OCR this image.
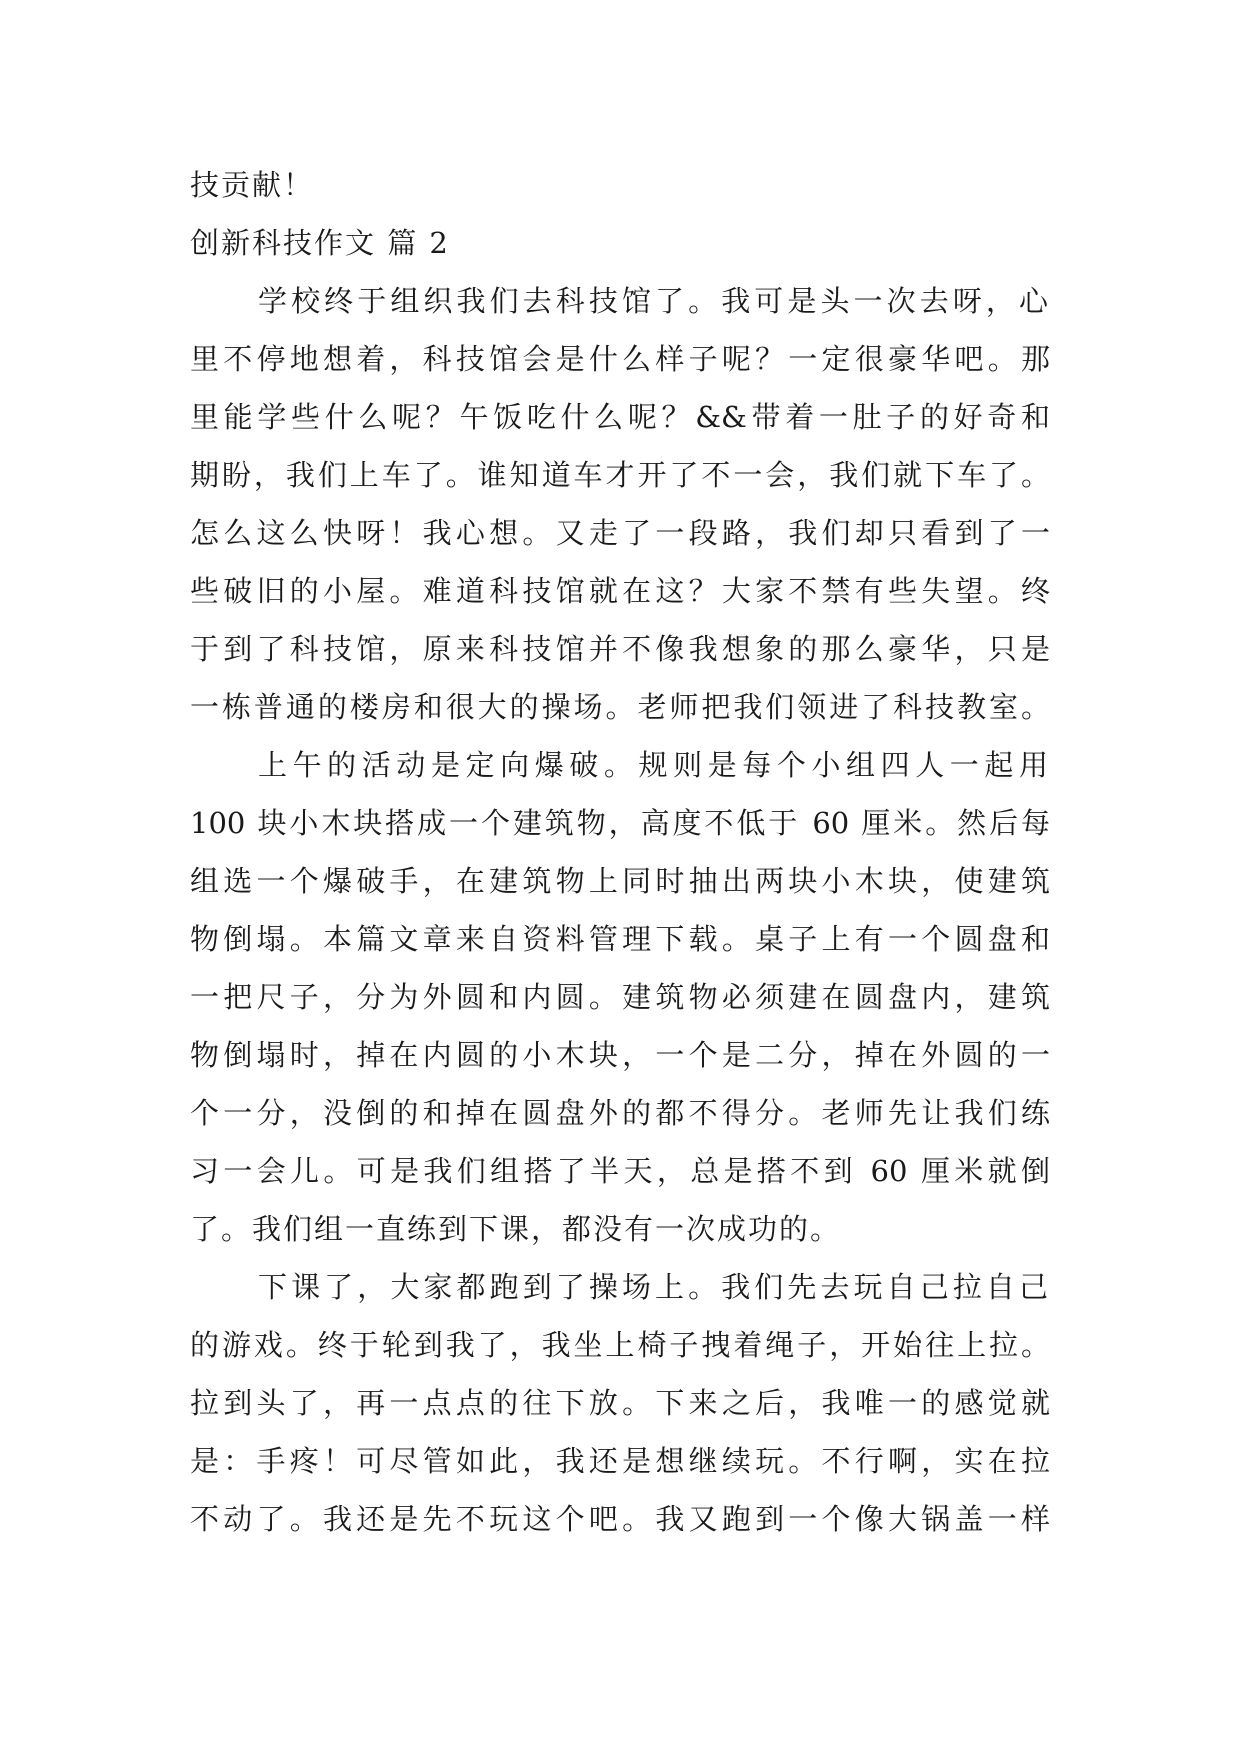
技贡献！
创新科技作文 篇 2
学校终于组织我们去科技馆了。我可是头一次去呀，心
里不停地想着，科技馆会是什么样子呢？一定很豪华吧。那
里能学些什么呢？午饭吃什么呢？&&带着一肚子的好奇和
期盼，我们上车了。谁知道车才开了不一会，我们就下车了。
怎么这么快呀！我心想。又走了一段路，我们却只看到了一
些破旧的小屋。难道科技馆就在这？大家不禁有些失望。终
于到了科技馆，原来科技馆并不像我想象的那么豪华，只是
一栋普通的楼房和很大的操场。老师把我们领进了科技教室。
上午的活动是定向爆破。规则是每个小组四人一起用
100 块小木块搭成一个建筑物，高度不低于 60 厘米。然后每
组选一个爆破手，在建筑物上同时抽出两块小木块，使建筑
物倒塌。本篇文章来自资料管理下载。桌子上有一个圆盘和
一把尺子，分为外圆和内圆。建筑物必须建在圆盘内，建筑
物倒塌时，掉在内圆的小木块，一个是二分，掉在外圆的一
个一分，没倒的和掉在圆盘外的都不得分。老师先让我们练
习一会儿。可是我们组搭了半天，总是搭不到 60 厘米就倒
了。我们组一直练到下课，都没有一次成功的。
下课了，大家都跑到了操场上。我们先去玩自己拉自己
的游戏。终于轮到我了，我坐上椅子拽着绳子，开始往上拉。
拉到头了，再一点点的往下放。下来之后，我唯一的感觉就
是：手疼！可尽管如此，我还是想继续玩。不行啊，实在拉
不动了。我还是先不玩这个吧。我又跑到一个像大锅盖一样
